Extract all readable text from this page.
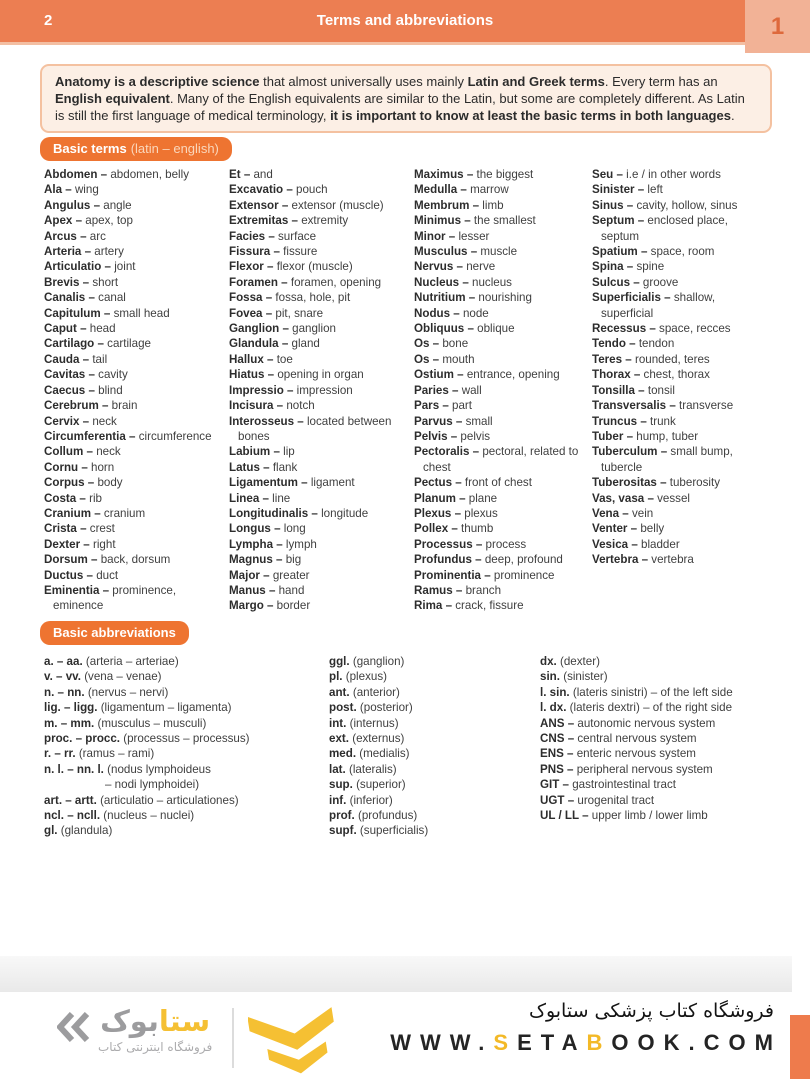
2	Terms and abbreviations	1
Anatomy is a descriptive science that almost universally uses mainly Latin and Greek terms. Every term has an English equivalent. Many of the English equivalents are similar to the Latin, but some are completely different. As Latin is still the first language of medical terminology, it is important to know at least the basic terms in both languages.
Basic terms (latin – english)
Abdomen – abdomen, belly
Ala – wing
Angulus – angle
Apex – apex, top
Arcus – arc
Arteria – artery
Articulatio – joint
Brevis – short
Canalis – canal
Capitulum – small head
Caput – head
Cartilago – cartilage
Cauda – tail
Cavitas – cavity
Caecus – blind
Cerebrum – brain
Cervix – neck
Circumferentia – circumference
Collum – neck
Cornu – horn
Corpus – body
Costa – rib
Cranium – cranium
Crista – crest
Dexter – right
Dorsum – back, dorsum
Ductus – duct
Eminentia – prominence, eminence
Et – and
Excavatio – pouch
Extensor – extensor (muscle)
Extremitas – extremity
Facies – surface
Fissura – fissure
Flexor – flexor (muscle)
Foramen – foramen, opening
Fossa – fossa, hole, pit
Fovea – pit, snare
Ganglion – ganglion
Glandula – gland
Hallux – toe
Hiatus – opening in organ
Impressio – impression
Incisura – notch
Interosseus – located between bones
Labium – lip
Latus – flank
Ligamentum – ligament
Linea – line
Longitudinalis – longitude
Longus – long
Lympha – lymph
Magnus – big
Major – greater
Manus – hand
Margo – border
Maximus – the biggest
Medulla – marrow
Membrum – limb
Minimus – the smallest
Minor – lesser
Musculus – muscle
Nervus – nerve
Nucleus – nucleus
Nutritium – nourishing
Nodus – node
Obliquus – oblique
Os – bone
Os – mouth
Ostium – entrance, opening
Paries – wall
Pars – part
Parvus – small
Pelvis – pelvis
Pectoralis – pectoral, related to chest
Pectus – front of chest
Planum – plane
Plexus – plexus
Pollex – thumb
Processus – process
Profundus – deep, profound
Prominentia – prominence
Ramus – branch
Rima – crack, fissure
Seu – i.e / in other words
Sinister – left
Sinus – cavity, hollow, sinus
Septum – enclosed place, septum
Spatium – space, room
Spina – spine
Sulcus – groove
Superficialis – shallow, superficial
Recessus – space, recces
Tendo – tendon
Teres – rounded, teres
Thorax – chest, thorax
Tonsilla – tonsil
Transversalis – transverse
Truncus – trunk
Tuber – hump, tuber
Tuberculum – small bump, tubercle
Tuberositas – tuberosity
Vas, vasa – vessel
Vena – vein
Venter – belly
Vesica – bladder
Vertebra – vertebra
Basic abbreviations
a. – aa. (arteria – arteriae)
v. – vv. (vena – venae)
n. – nn. (nervus – nervi)
lig. – ligg. (ligamentum – ligamenta)
m. – mm. (musculus – musculi)
proc. – procc. (processus – processus)
r. – rr. (ramus – rami)
n. l. – nn. l. (nodus lymphoideus
– nodi lymphoidei)
art. – artt. (articulatio – articulationes)
ncl. – ncll. (nucleus – nuclei)
gl. (glandula)
ggl. (ganglion)
pl. (plexus)
ant. (anterior)
post. (posterior)
int. (internus)
ext. (externus)
med. (medialis)
lat. (lateralis)
sup. (superior)
inf. (inferior)
prof. (profundus)
supf. (superficialis)
dx. (dexter)
sin. (sinister)
l. sin. (lateris sinistri) – of the left side
l. dx. (lateris dextri) – of the right side
ANS – autonomic nervous system
CNS – central nervous system
ENS – enteric nervous system
PNS – peripheral nervous system
GIT – gastrointestinal tract
UGT – urogenital tract
UL / LL – upper limb / lower limb
ستابوک
فروشگاه اینترنتی کتاب
فروشگاه کتاب پزشکی ستابوک
WWW.SETABOOK.COM
